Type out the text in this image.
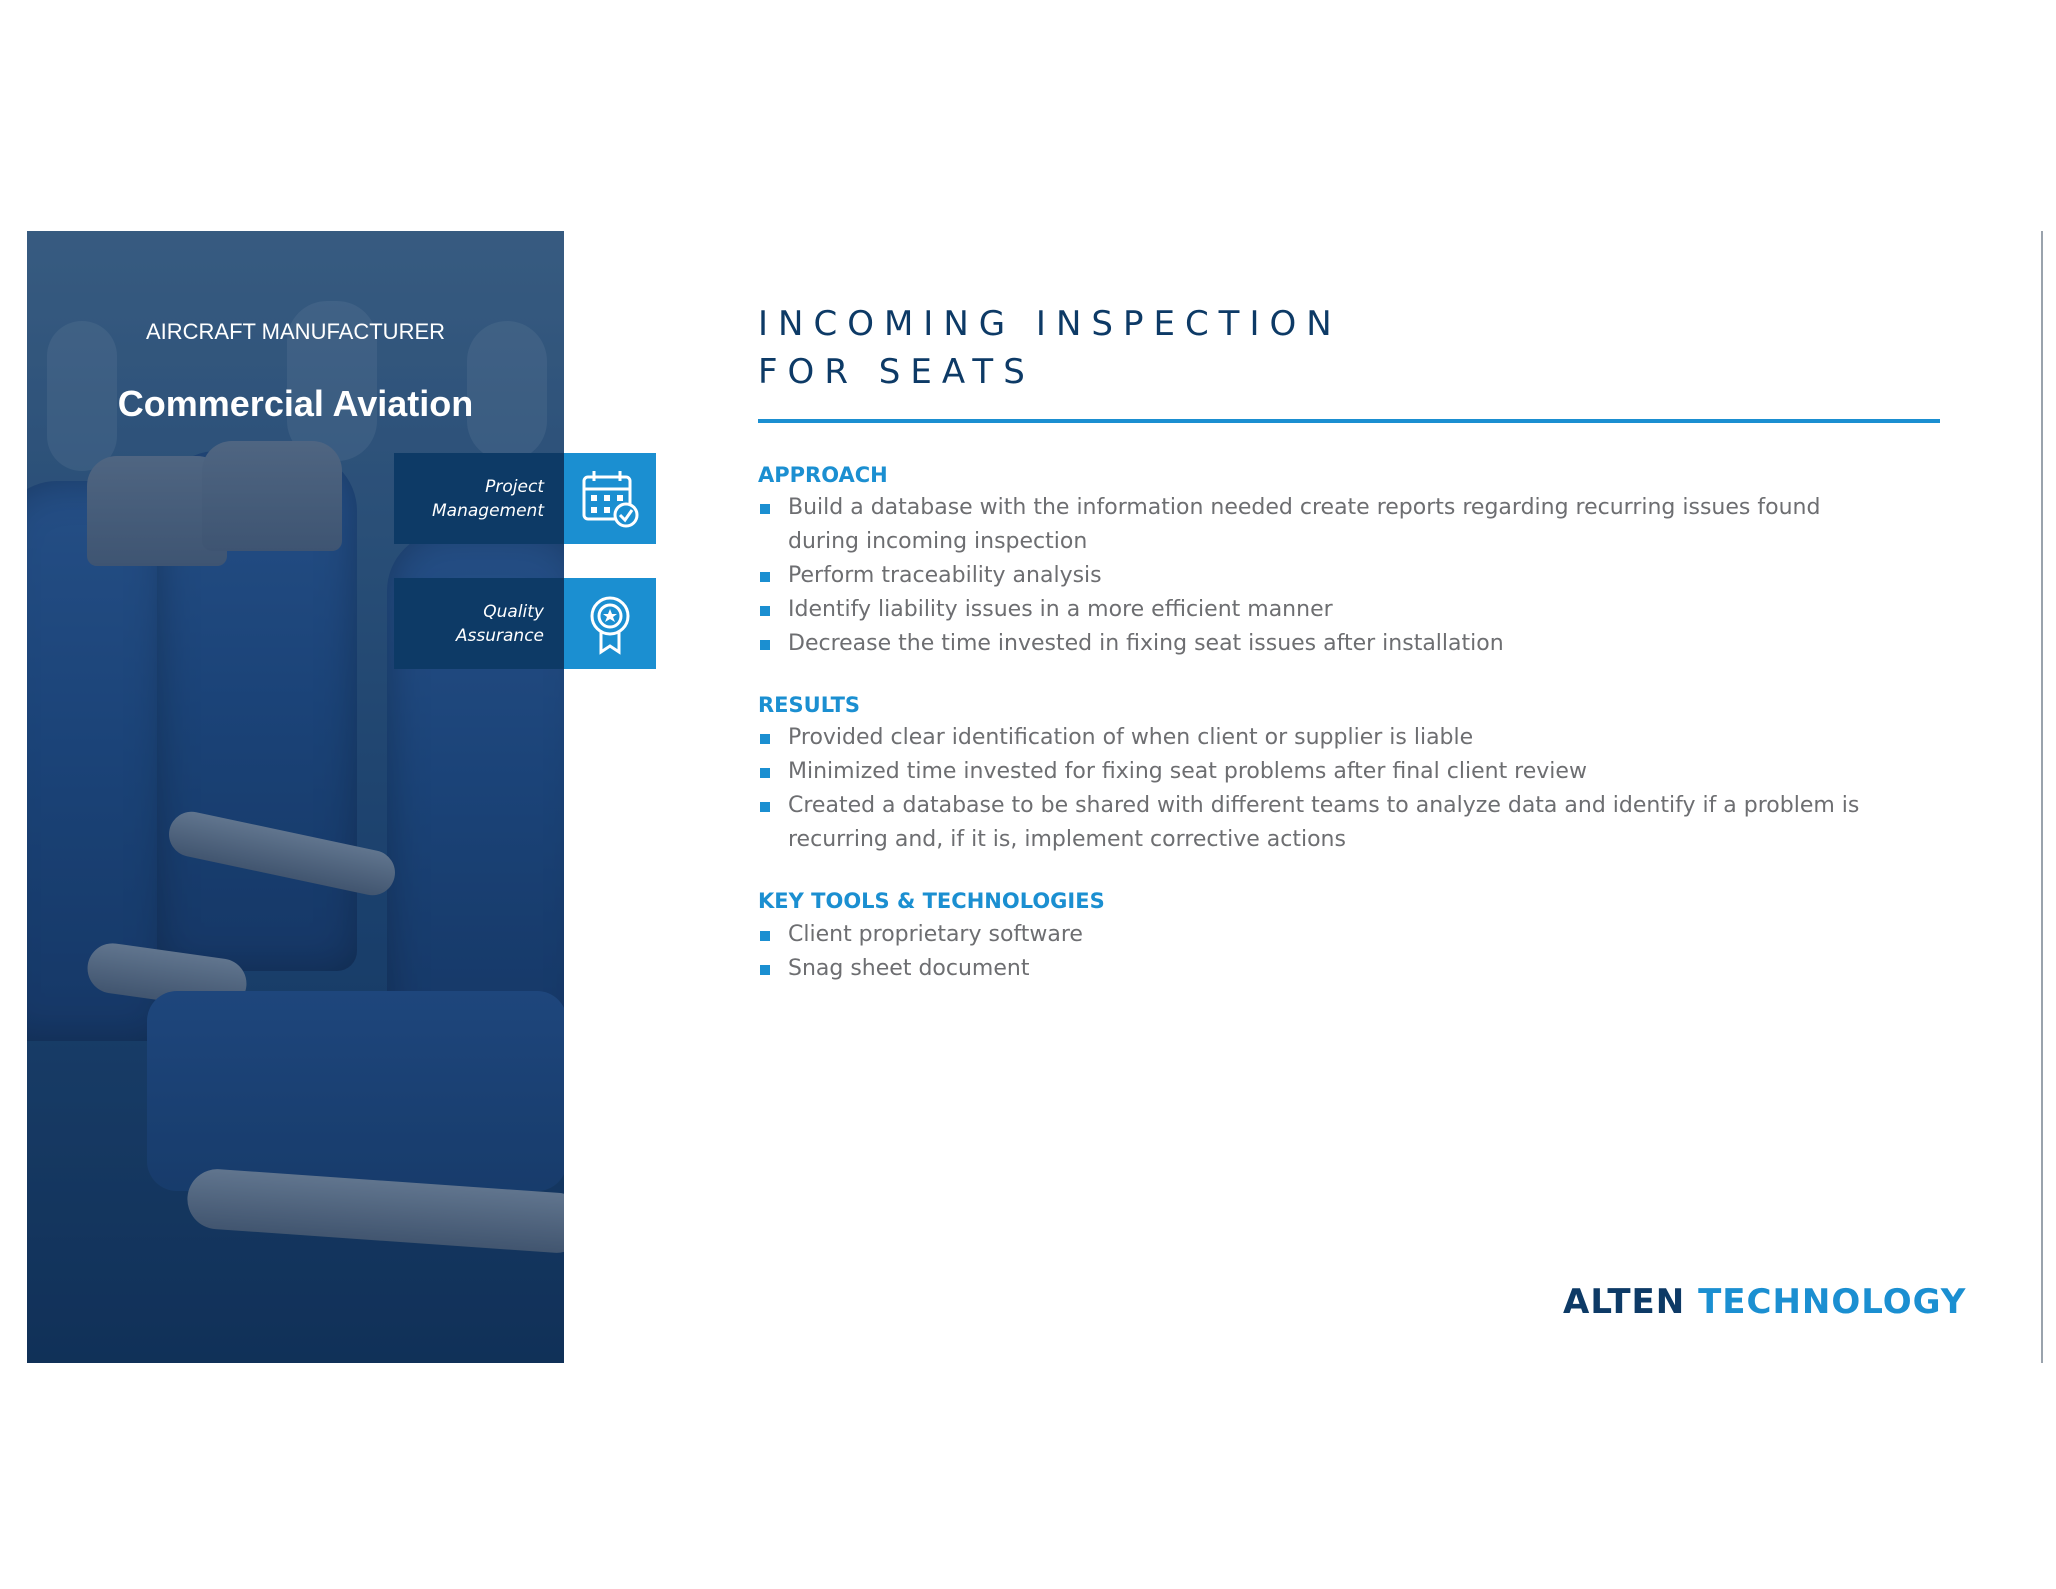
AIRCRAFT MANUFACTURER
Commercial Aviation
Project
Management
Quality
Assurance
INCOMING INSPECTION
FOR SEATS
APPROACH
Build a database with the information needed create reports regarding recurring issues found during incoming inspection
Perform traceability analysis
Identify liability issues in a more efficient manner
Decrease the time invested in fixing seat issues after installation
RESULTS
Provided clear identification of when client or supplier is liable
Minimized time invested for fixing seat problems after final client review
Created a database to be shared with different teams to analyze data and identify if a problem is recurring and, if it is, implement corrective actions
KEY TOOLS & TECHNOLOGIES
Client proprietary software
Snag sheet document
ALTEN TECHNOLOGY
